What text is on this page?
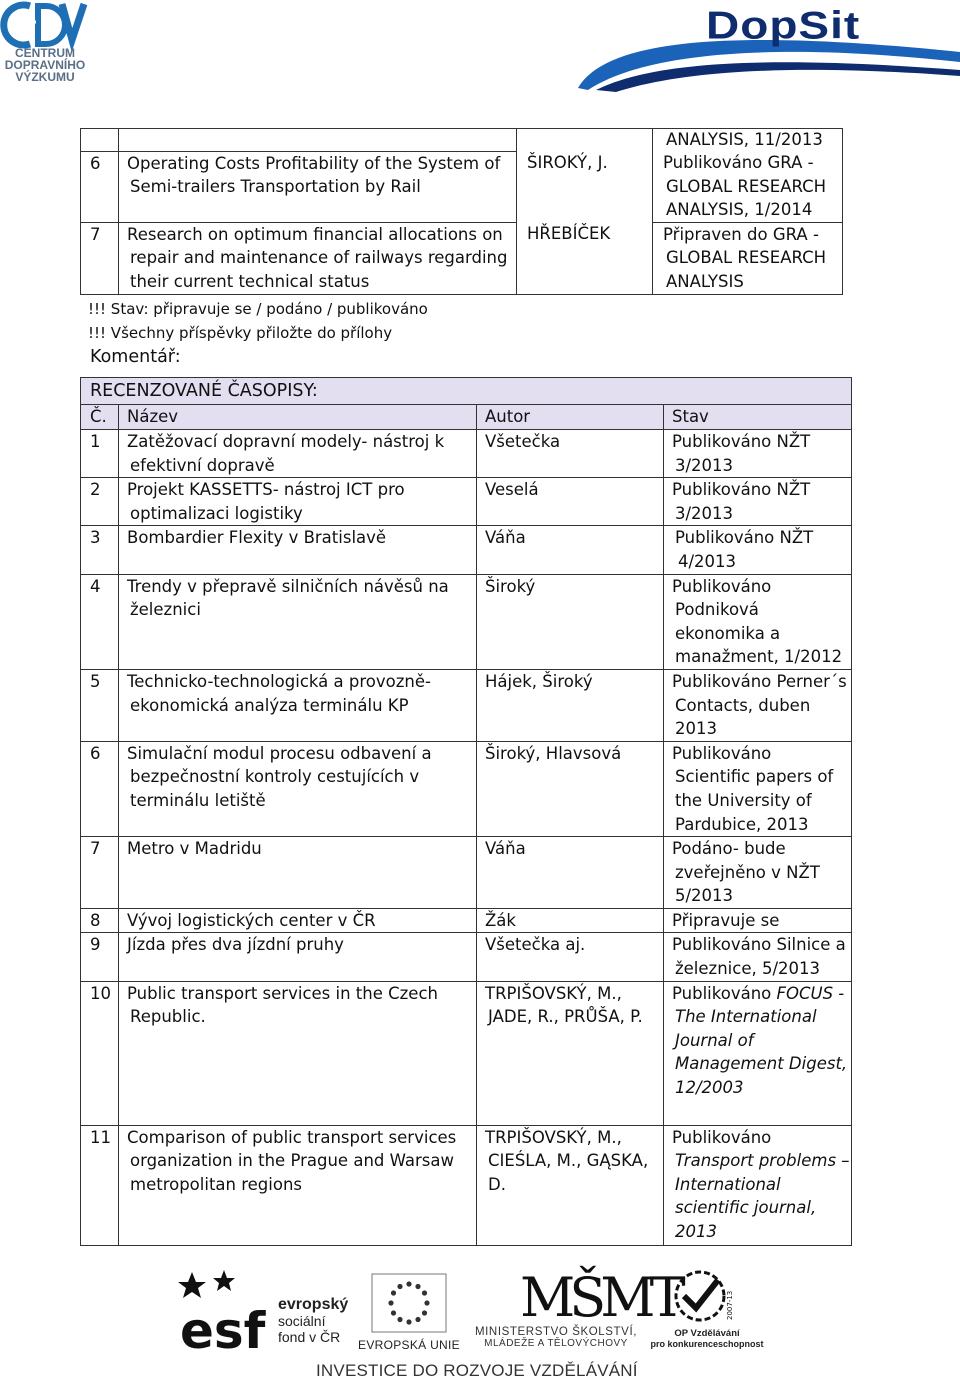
CENTRUM
DOPRAVNÍHO
VÝZKUMU
DopSit
			ANALYSIS, 11/2013
6	Operating Costs Profitability of the System of Semi-trailers Transportation by Rail	ŠIROKÝ, J.	Publikováno GRA - GLOBAL RESEARCH ANALYSIS, 1/2014

7	Research on optimum financial allocations on repair and maintenance of railways regarding their current technical status	HŘEBÍČEK	Připraven do GRA - GLOBAL RESEARCH ANALYSIS
!!! Stav: připravuje se / podáno / publikováno
!!! Všechny příspěvky přiložte do přílohy
Komentář:
RECENZOVANÉ ČASOPISY:			
Č.	Název	Autor	Stav
1	Zatěžovací dopravní modely- nástroj k efektivní dopravě	Všetečka	Publikováno NŽT 3/2013
2	Projekt KASSETTS- nástroj ICT pro optimalizaci logistiky	Veselá	Publikováno NŽT 3/2013
3	Bombardier Flexity v Bratislavě	Váňa	Publikováno NŽT 4/2013
4	Trendy v přepravě silničních návěsů na železnici	Široký	Publikováno Podniková ekonomika a manažment, 1/2012
5	Technicko-technologická a provozně-ekonomická analýza terminálu KP	Hájek, Široký	Publikováno Perner´s Contacts, duben 2013
6	Simulační modul procesu odbavení a bezpečnostní kontroly cestujících v terminálu letiště	Široký, Hlavsová	Publikováno Scientific papers of the University of Pardubice, 2013
7	Metro v Madridu	Váňa	Podáno- bude zveřejněno v NŽT 5/2013
8	Vývoj logistických center v ČR	Žák	Připravuje se
9	Jízda přes dva jízdní pruhy	Všetečka aj.	Publikováno Silnice a železnice, 5/2013
10	Public transport services in the Czech Republic.	TRPIŠOVSKÝ, M., JADE, R., PRŮŠA, P.	Publikováno FOCUS - The International Journal of Management Digest, 12/2003
11	Comparison of public transport services organization in the Prague and Warsaw metropolitan regions	TRPIŠOVSKÝ, M., CIEŚLA, M., GĄSKA, D.	Publikováno Transport problems – International scientific journal, 2013
esf evropský
sociální
fond v ČR EVROPSKÁ UNIE
MŠMT
MINISTERSTVO ŠKOLSTVÍ,
MLÁDEŽE A TĚLOVÝCHOVY
2007-13
OP Vzdělávání
pro konkurenceschopnost
INVESTICE DO ROZVOJE VZDĚLÁVÁNÍ
